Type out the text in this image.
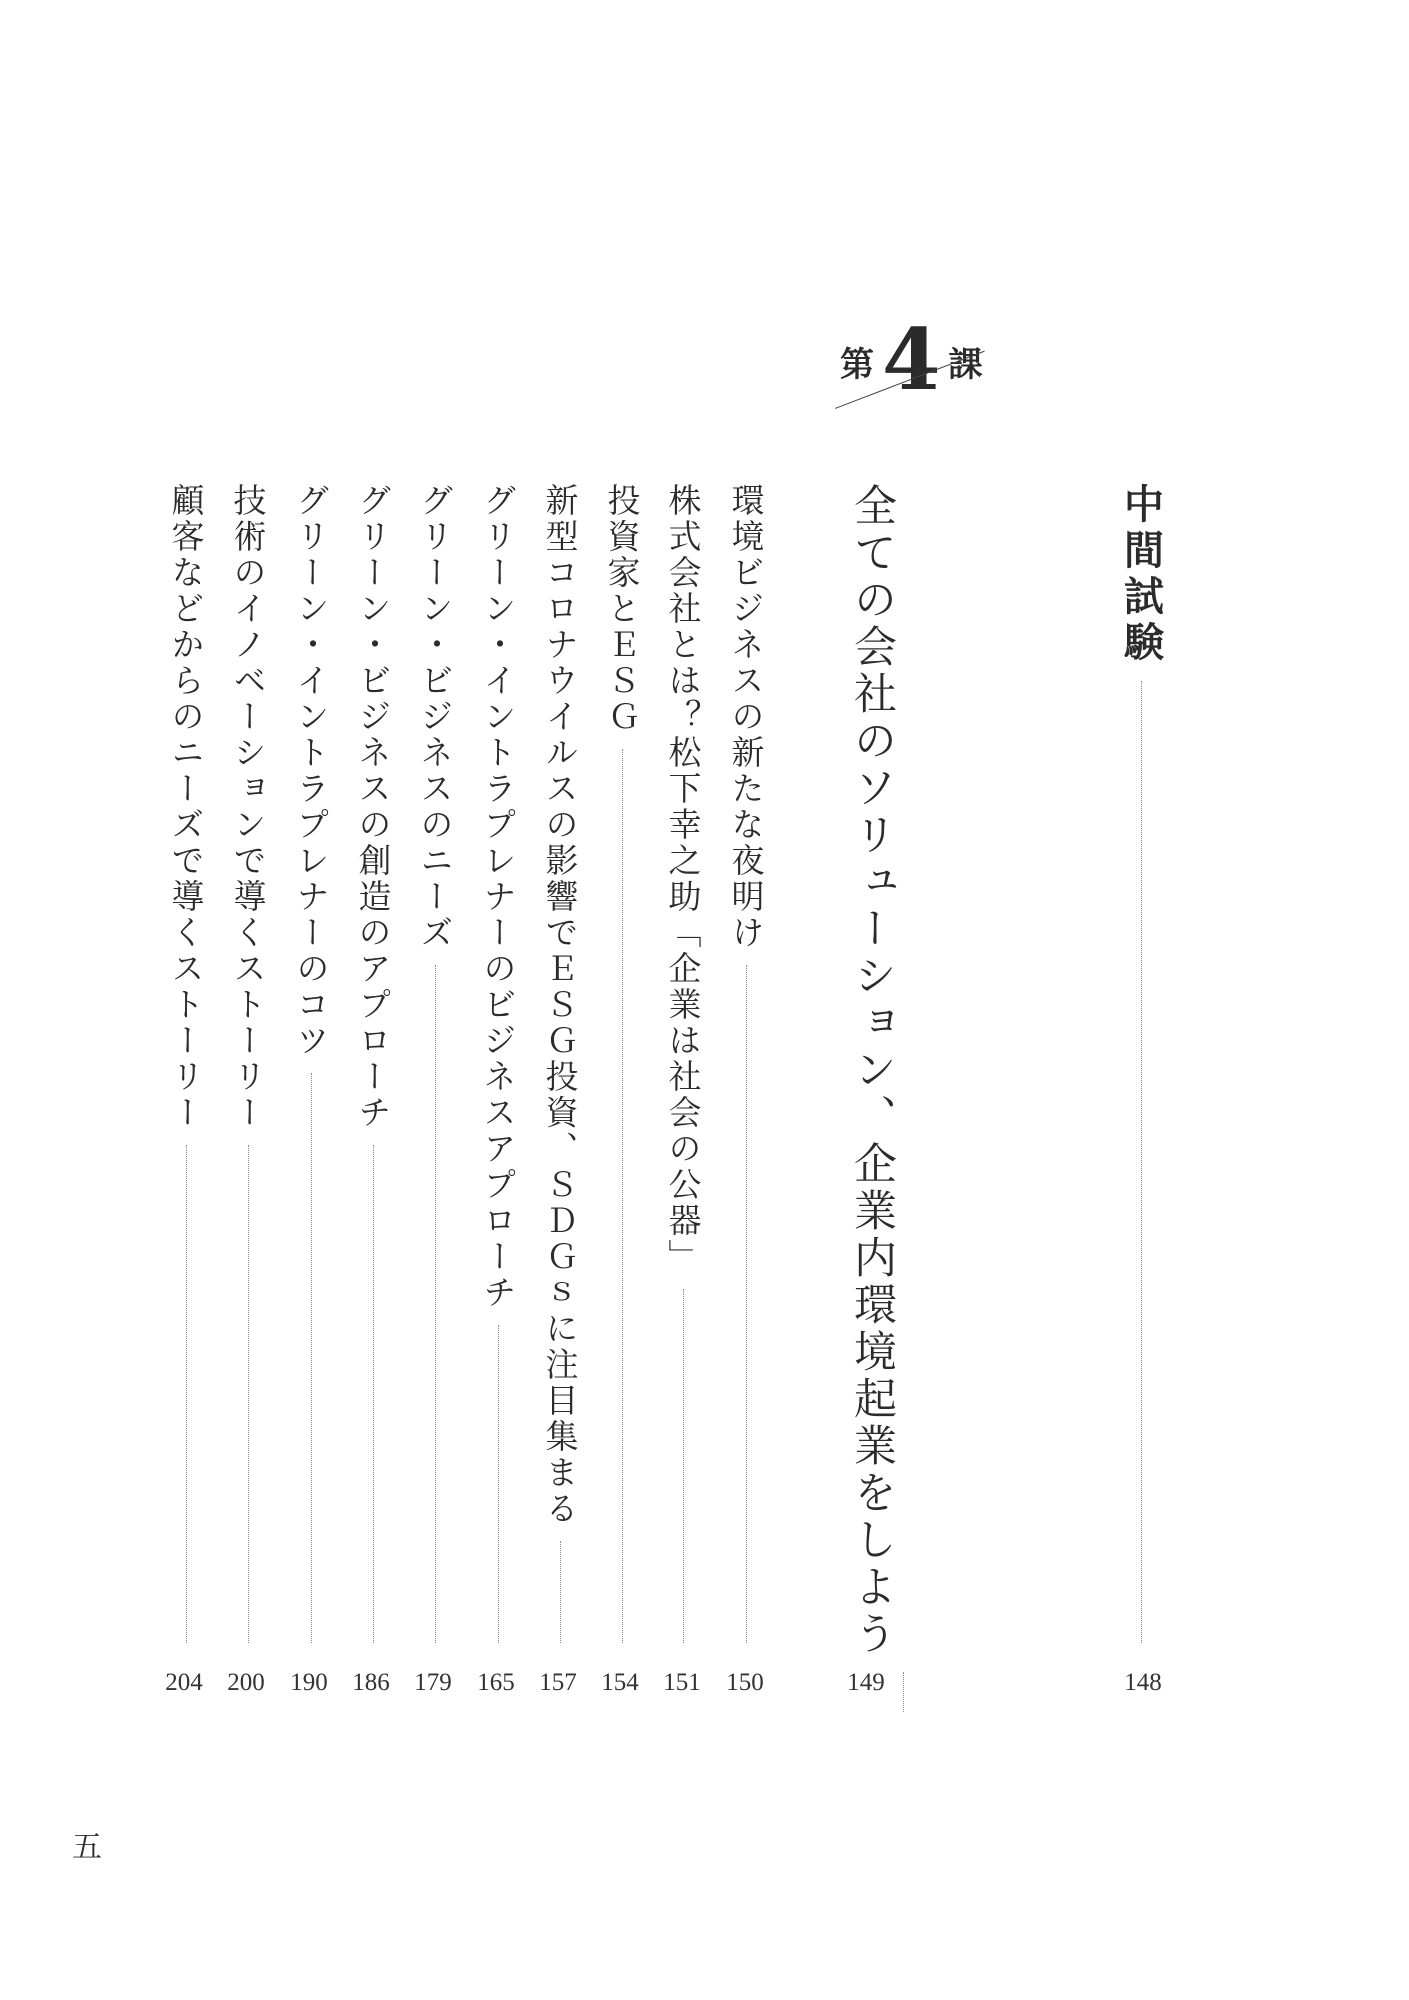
第 4 課
中間試験
148
全ての会社のソリューション、
企業内環境起業をしよう
149
環境ビジネスの新たな夜明け
150
株式会社とは？松下幸之助「企業は社会の公器」
151
投資家とＥＳＧ
154
新型コロナウイルスの影響でＥＳＧ投資、ＳＤＧｓに注目集まる
157
グリーン・イントラプレナーのビジネスアプローチ
165
グリーン・ビジネスのニーズ
179
グリーン・ビジネスの創造のアプローチ
186
グリーン・イントラプレナーのコツ
190
技術のイノベーションで導くストーリー
200
顧客などからのニーズで導くストーリー
204
五
